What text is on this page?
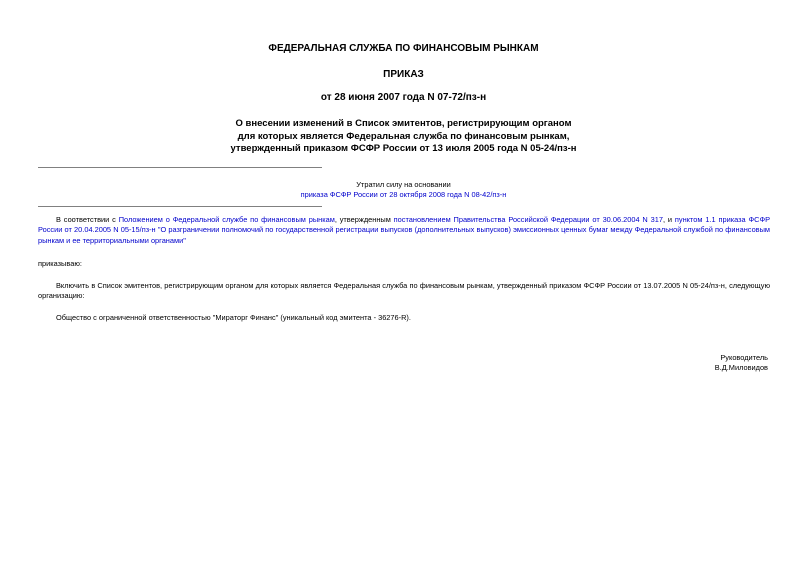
ФЕДЕРАЛЬНАЯ СЛУЖБА ПО ФИНАНСОВЫМ РЫНКАМ
ПРИКАЗ
от 28 июня 2007 года N 07-72/пз-н
О внесении изменений в Список эмитентов, регистрирующим органом
для которых является Федеральная служба по финансовым рынкам,
утвержденный приказом ФСФР России от 13 июля 2005 года N 05-24/пз-н
Утратил силу на основании
приказа ФСФР России от 28 октября 2008 года N 08-42/пз-н
В соответствии с Положением о Федеральной службе по финансовым рынкам, утвержденным постановлением Правительства Российской Федерации от 30.06.2004 N 317, и пунктом 1.1 приказа ФСФР России от 20.04.2005 N 05-15/пз-н "О разграничении полномочий по государственной регистрации выпусков (дополнительных выпусков) эмиссионных ценных бумаг между Федеральной службой по финансовым рынкам и ее территориальными органами"
приказываю:
Включить в Список эмитентов, регистрирующим органом для которых является Федеральная служба по финансовым рынкам, утвержденный приказом ФСФР России от 13.07.2005 N 05-24/пз-н, следующую организацию:
Общество с ограниченной ответственностью "Мираторг Финанс" (уникальный код эмитента - 36276-R).
Руководитель
В.Д.Миловидов
